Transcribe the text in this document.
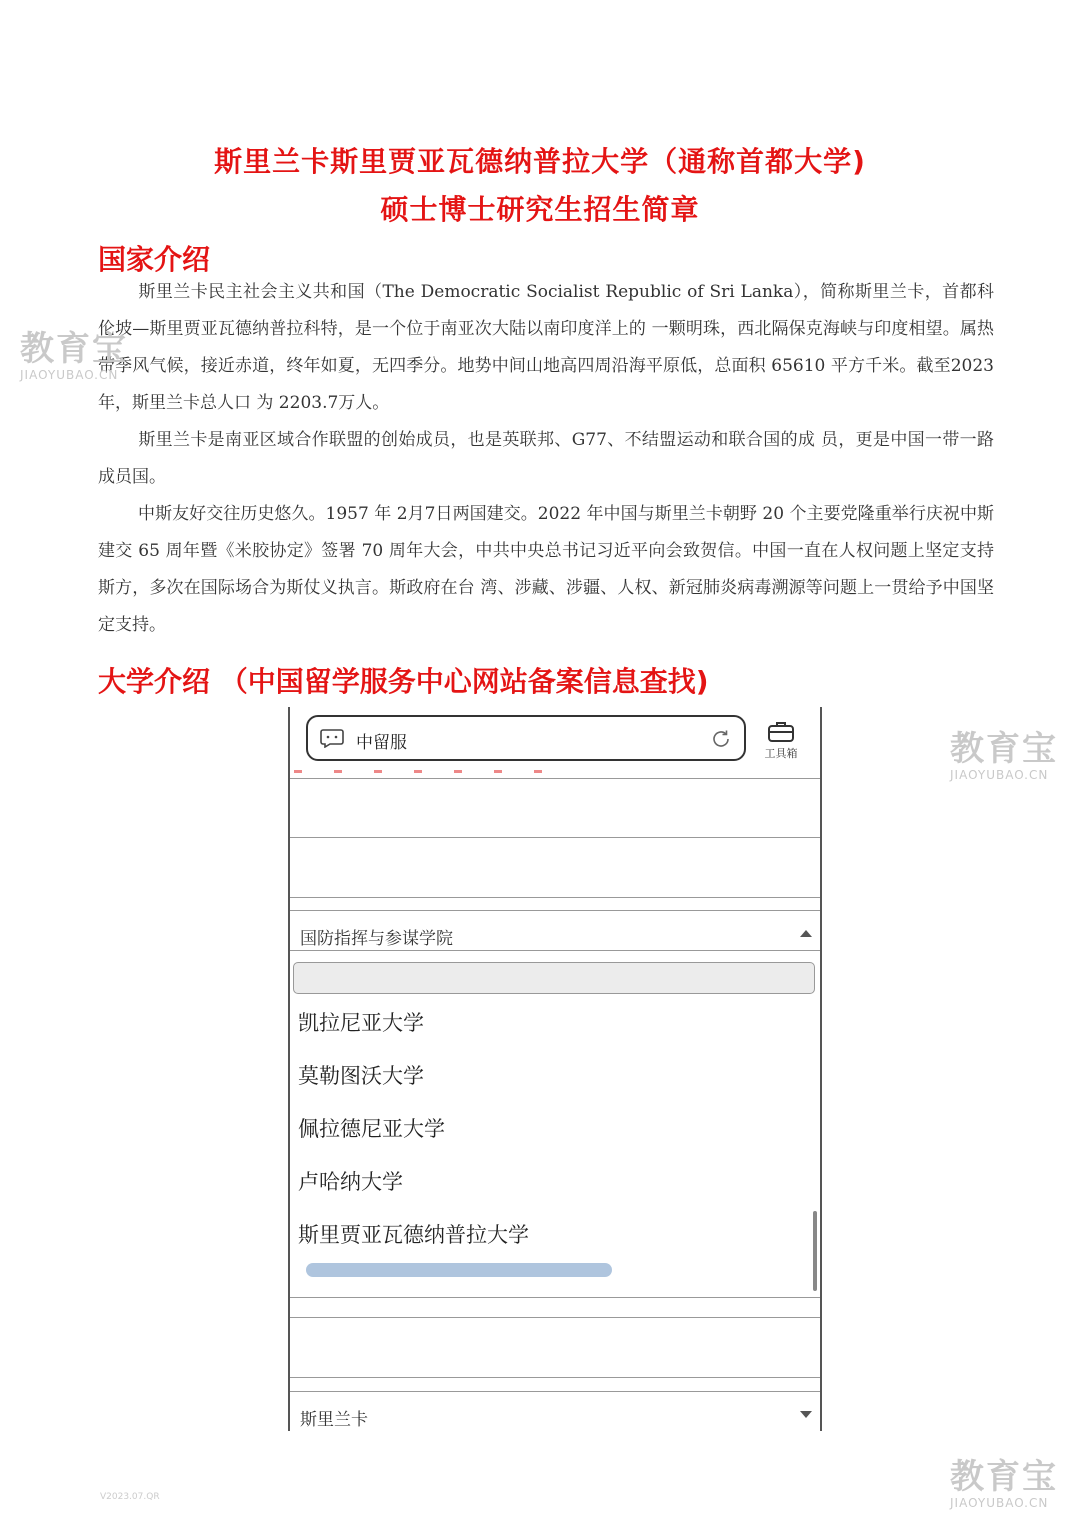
斯里兰卡斯里贾亚瓦德纳普拉大学（通称首都大学)
硕士博士研究生招生简章
国家介绍
斯里兰卡民主社会主义共和国（The Democratic Socialist Republic of Sri Lanka），简称斯里兰卡，首都科伦坡—斯里贾亚瓦德纳普拉科特，是一个位于南亚次大陆以南印度洋上的 一颗明珠，西北隔保克海峡与印度相望。属热带季风气候，接近赤道，终年如夏，无四季分。地势中间山地高四周沿海平原低，总面积 65610 平方千米。截至2023年，斯里兰卡总人口 为 2203.7万人。
斯里兰卡是南亚区域合作联盟的创始成员，也是英联邦、G77、不结盟运动和联合国的成 员，更是中国一带一路成员国。
中斯友好交往历史悠久。1957 年 2月7日两国建交。2022 年中国与斯里兰卡朝野 20 个主要党隆重举行庆祝中斯建交 65 周年暨《米胶协定》签署 70 周年大会，中共中央总书记习近平向会致贺信。中国一直在人权问题上坚定支持斯方，多次在国际场合为斯仗义执言。斯政府在台 湾、涉藏、涉疆、人权、新冠肺炎病毒溯源等问题上一贯给予中国坚定支持。
大学介绍 （中国留学服务中心网站备案信息查找)
中留服
工具箱
国防指挥与参谋学院
凯拉尼亚大学
莫勒图沃大学
佩拉德尼亚大学
卢哈纳大学
斯里贾亚瓦德纳普拉大学
斯里兰卡
教育宝
JIAOYUBAO.CN
教育宝
JIAOYUBAO.CN
教育宝
JIAOYUBAO.CN
V2023.07.QR
